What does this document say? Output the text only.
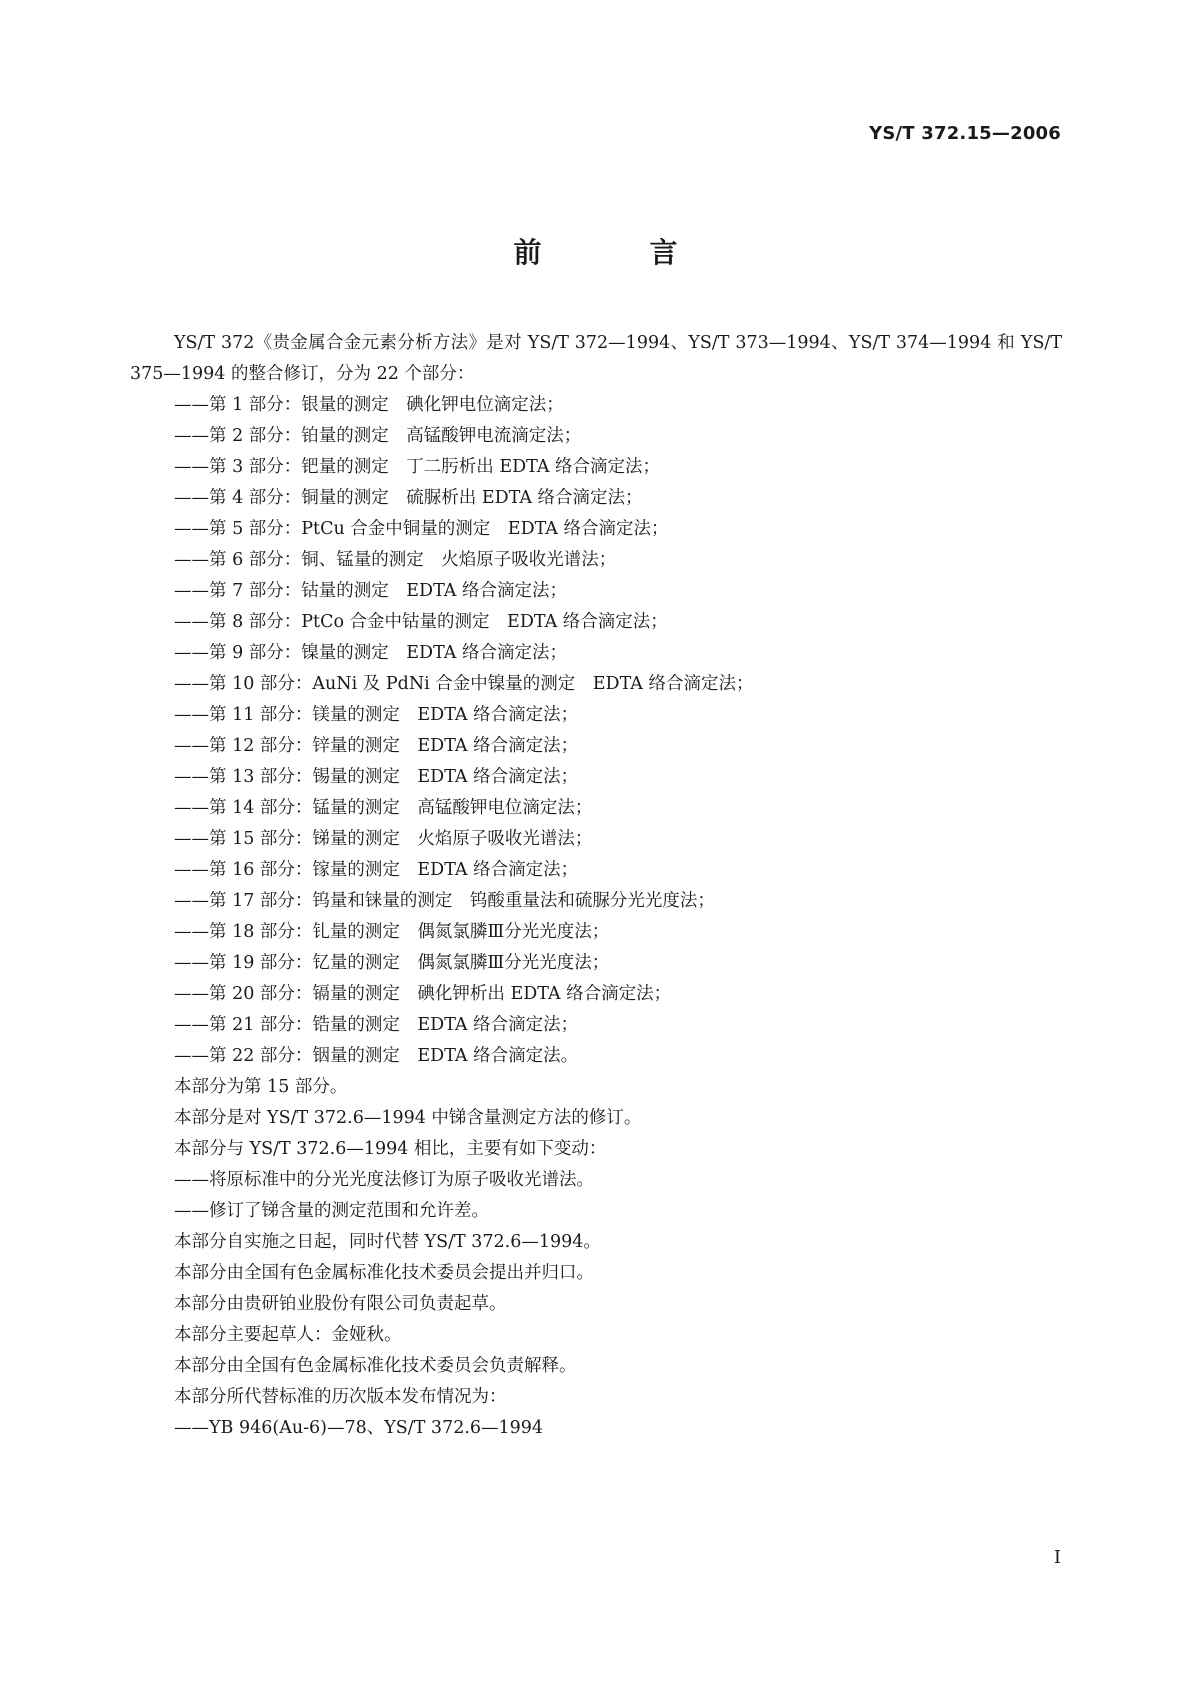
YS/T 372.15—2006
前　言

YS/T 372《贵金属合金元素分析方法》是对 YS/T 372—1994、YS/T 373—1994、YS/T 374—1994 和 YS/T 375—1994 的整合修订，分为 22 个部分：

——第 1 部分：银量的测定　碘化钾电位滴定法；
——第 2 部分：铂量的测定　高锰酸钾电流滴定法；
——第 3 部分：钯量的测定　丁二肟析出 EDTA 络合滴定法；
——第 4 部分：铜量的测定　硫脲析出 EDTA 络合滴定法；
——第 5 部分：PtCu 合金中铜量的测定　EDTA 络合滴定法；
——第 6 部分：铜、锰量的测定　火焰原子吸收光谱法；
——第 7 部分：钴量的测定　EDTA 络合滴定法；
——第 8 部分：PtCo 合金中钴量的测定　EDTA 络合滴定法；
——第 9 部分：镍量的测定　EDTA 络合滴定法；
——第 10 部分：AuNi 及 PdNi 合金中镍量的测定　EDTA 络合滴定法；
——第 11 部分：镁量的测定　EDTA 络合滴定法；
——第 12 部分：锌量的测定　EDTA 络合滴定法；
——第 13 部分：锡量的测定　EDTA 络合滴定法；
——第 14 部分：锰量的测定　高锰酸钾电位滴定法；
——第 15 部分：锑量的测定　火焰原子吸收光谱法；
——第 16 部分：镓量的测定　EDTA 络合滴定法；
——第 17 部分：钨量和铼量的测定　钨酸重量法和硫脲分光光度法；
——第 18 部分：钆量的测定　偶氮氯膦Ⅲ分光光度法；
——第 19 部分：钇量的测定　偶氮氯膦Ⅲ分光光度法；
——第 20 部分：镉量的测定　碘化钾析出 EDTA 络合滴定法；
——第 21 部分：锆量的测定　EDTA 络合滴定法；
——第 22 部分：铟量的测定　EDTA 络合滴定法。

本部分为第 15 部分。

本部分是对 YS/T 372.6—1994 中锑含量测定方法的修订。

本部分与 YS/T 372.6—1994 相比，主要有如下变动：

——将原标准中的分光光度法修订为原子吸收光谱法。
——修订了锑含量的测定范围和允许差。

本部分自实施之日起，同时代替 YS/T 372.6—1994。

本部分由全国有色金属标准化技术委员会提出并归口。

本部分由贵研铂业股份有限公司负责起草。

本部分主要起草人：金娅秋。

本部分由全国有色金属标准化技术委员会负责解释。

本部分所代替标准的历次版本发布情况为：

——YB 946(Au-6)—78、YS/T 372.6—1994
Ⅰ
